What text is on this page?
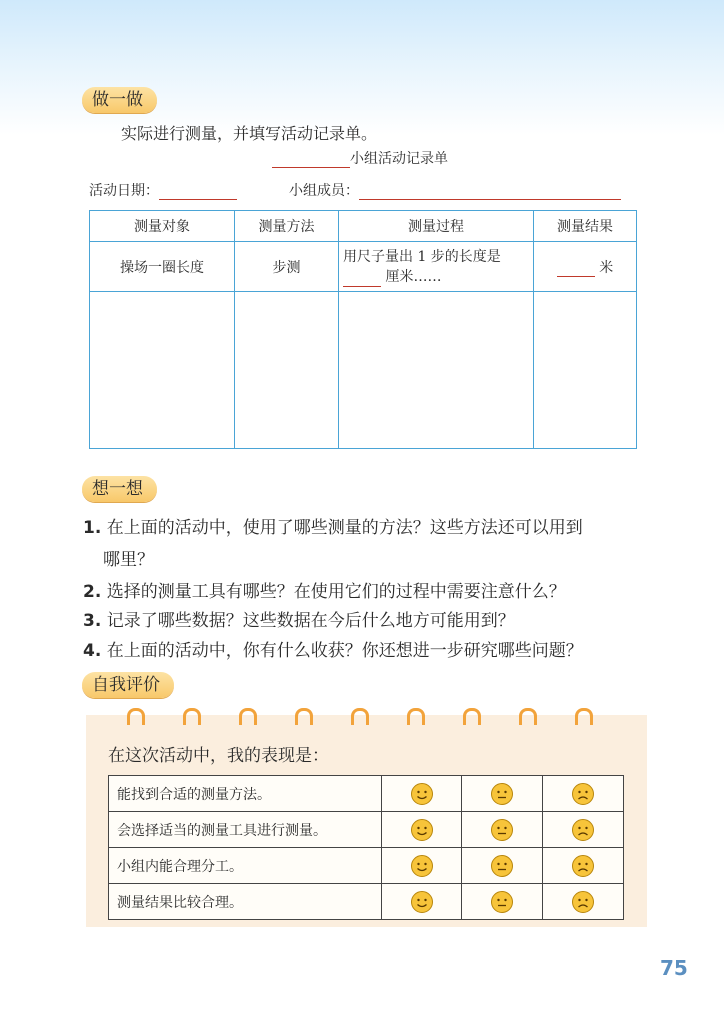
做一做
实际进行测量，并填写活动记录单。
小组活动记录单
活动日期：	小组成员：
测量对象	测量方法	测量过程	测量结果
操场一圈长度	步测	用尺子量出 1 步的长度是
厘米……	米

想一想
1. 在上面的活动中，使用了哪些测量的方法？这些方法还可以用到
哪里？
2. 选择的测量工具有哪些？在使用它们的过程中需要注意什么？
3. 记录了哪些数据？这些数据在今后什么地方可能用到？
4. 在上面的活动中，你有什么收获？你还想进一步研究哪些问题？
自我评价
在这次活动中，我的表现是：
能找到合适的测量方法。			
会选择适当的测量工具进行测量。			
小组内能合理分工。			
测量结果比较合理。			
75
